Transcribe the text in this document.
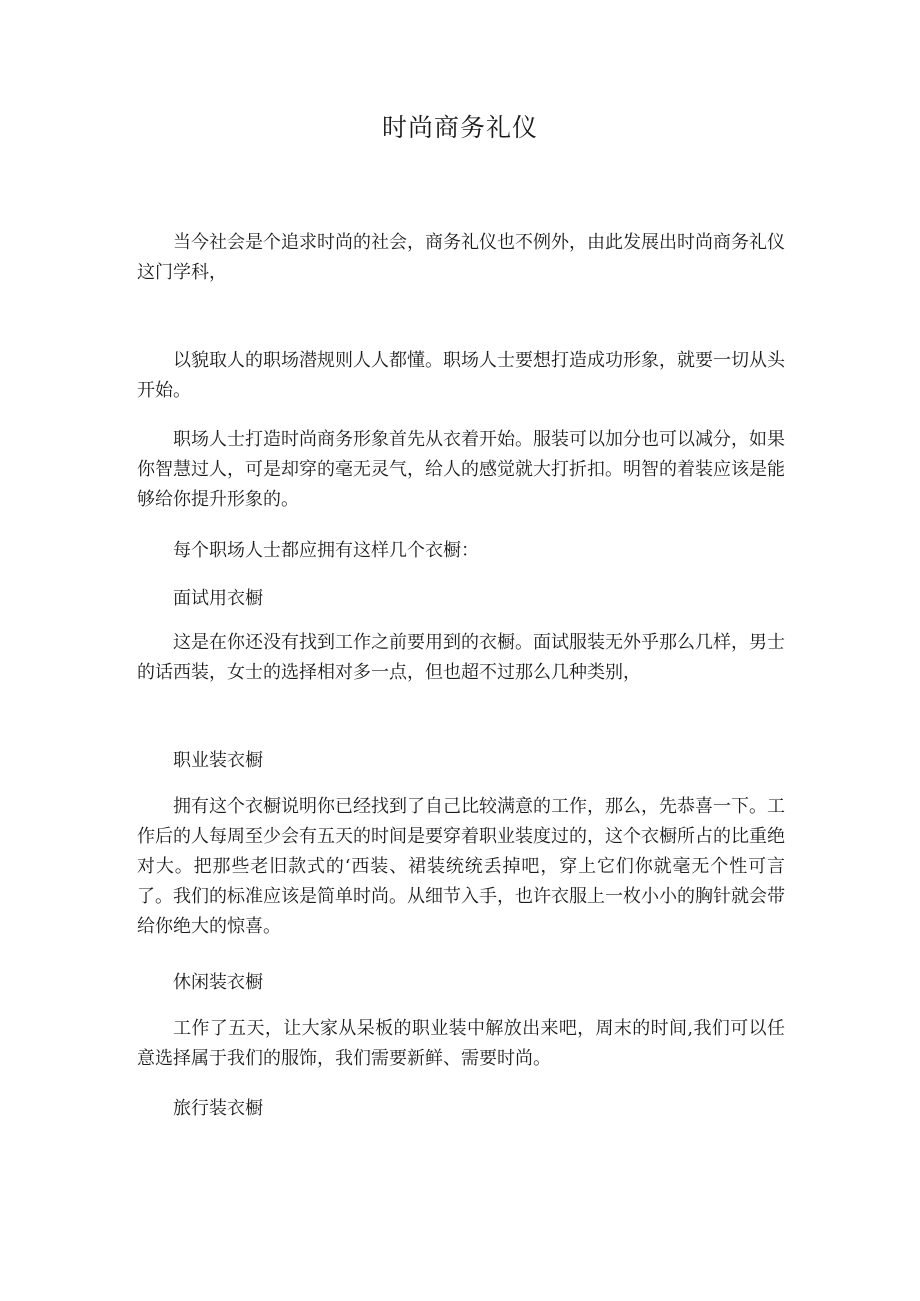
时尚商务礼仪

当今社会是个追求时尚的社会，商务礼仪也不例外，由此发展出时尚商务礼仪这门学科，

以貌取人的职场潜规则人人都懂。职场人士要想打造成功形象，就要一切从头开始。

职场人士打造时尚商务形象首先从衣着开始。服装可以加分也可以减分，如果你智慧过人，可是却穿的毫无灵气，给人的感觉就大打折扣。明智的着装应该是能够给你提升形象的。

每个职场人士都应拥有这样几个衣橱：

面试用衣橱

这是在你还没有找到工作之前要用到的衣橱。面试服装无外乎那么几样，男士的话西装，女士的选择相对多一点，但也超不过那么几种类别，

职业装衣橱

拥有这个衣橱说明你已经找到了自己比较满意的工作，那么，先恭喜一下。工作后的人每周至少会有五天的时间是要穿着职业装度过的，这个衣橱所占的比重绝对大。把那些老旧款式的‘西装、裙装统统丢掉吧，穿上它们你就毫无个性可言了。我们的标准应该是简单时尚。从细节入手，也许衣服上一枚小小的胸针就会带给你绝大的惊喜。

休闲装衣橱

工作了五天，让大家从呆板的职业装中解放出来吧，周末的时间,我们可以任意选择属于我们的服饰，我们需要新鲜、需要时尚。

旅行装衣橱
